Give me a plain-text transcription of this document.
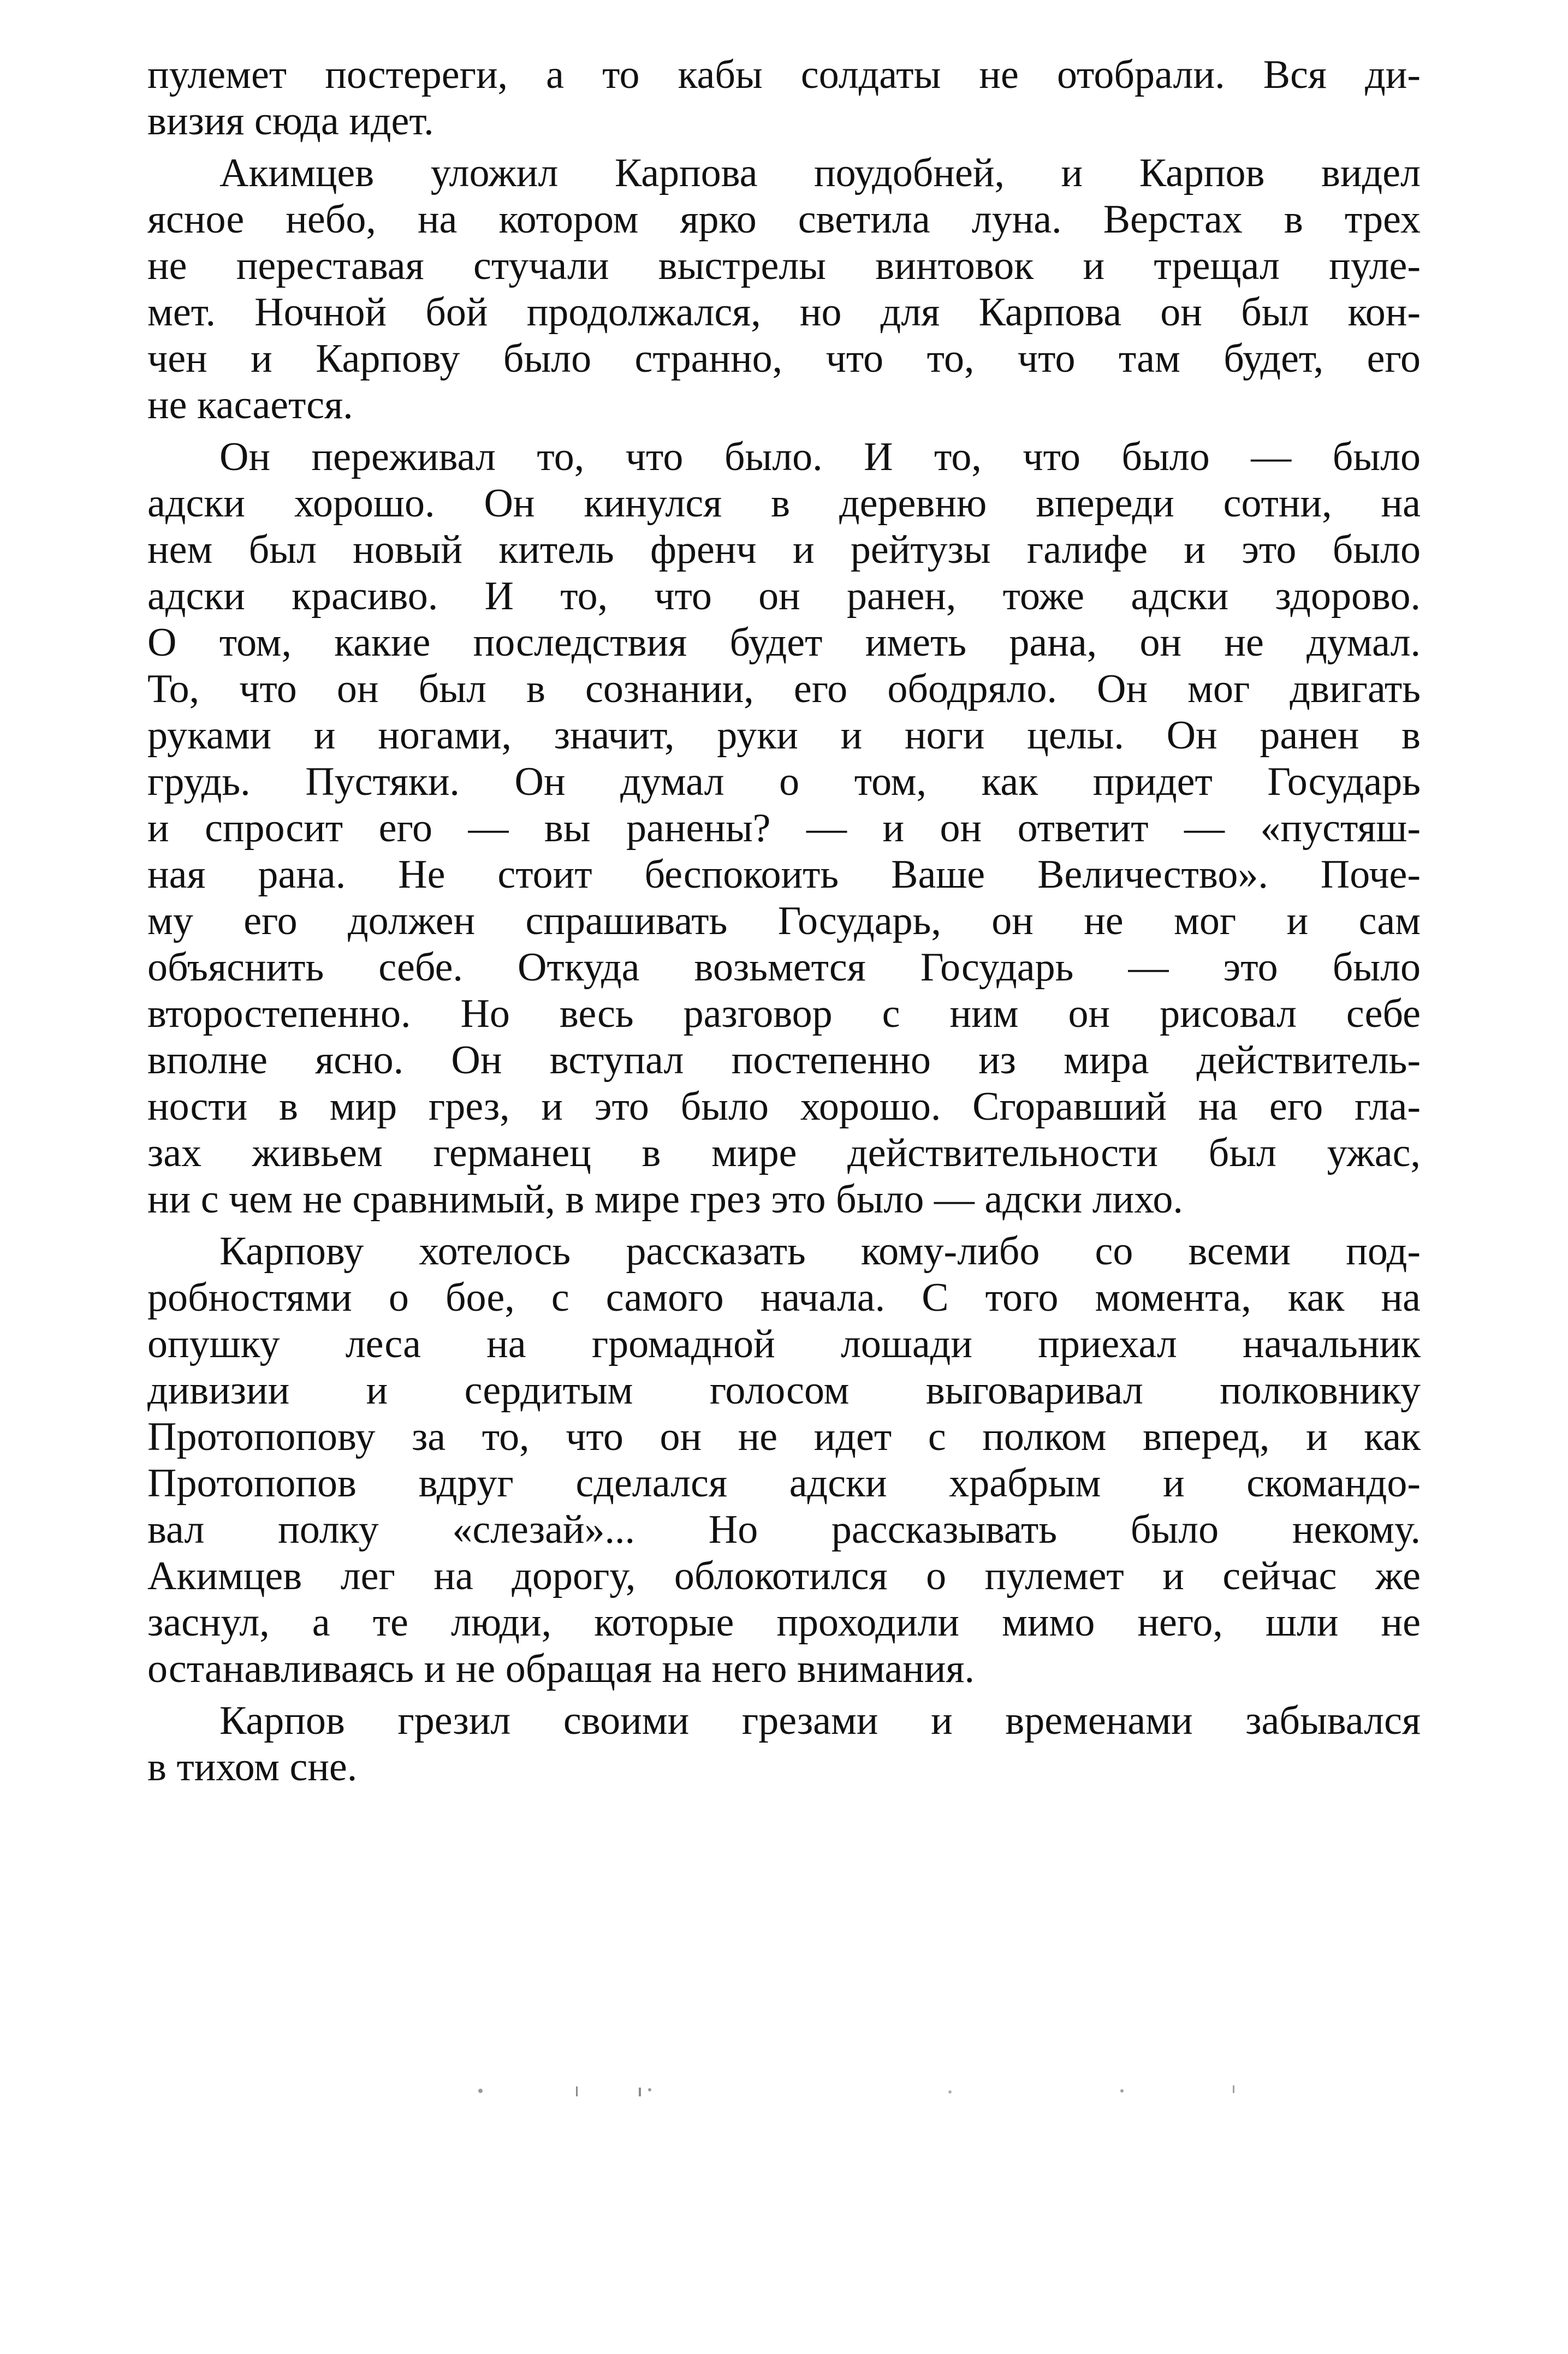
пулемет постереги, а то кабы солдаты не отобрали. Вся ди-
визия сюда идет.

Акимцев уложил Карпова поудобней, и Карпов видел
ясное небо, на котором ярко светила луна. Верстах в трех
не переставая стучали выстрелы винтовок и трещал пуле-
мет. Ночной бой продолжался, но для Карпова он был кон-
чен и Карпову было странно, что то, что там будет, его
не касается.

Он переживал то, что было. И то, что было — было
адски хорошо. Он кинулся в деревню впереди сотни, на
нем был новый китель френч и рейтузы галифе и это было
адски красиво. И то, что он ранен, тоже адски здорово.
О том, какие последствия будет иметь рана, он не думал.
То, что он был в сознании, его ободряло. Он мог двигать
руками и ногами, значит, руки и ноги целы. Он ранен в
грудь. Пустяки. Он думал о том, как придет Государь
и спросит его — вы ранены? — и он ответит — «пустяш-
ная рана. Не стоит беспокоить Ваше Величество». Поче-
му его должен спрашивать Государь, он не мог и сам
объяснить себе. Откуда возьмется Государь — это было
второстепенно. Но весь разговор с ним он рисовал себе
вполне ясно. Он вступал постепенно из мира действитель-
ности в мир грез, и это было хорошо. Сгоравший на его гла-
зах живьем германец в мире действительности был ужас,
ни с чем не сравнимый, в мире грез это было — адски лихо.

Карпову хотелось рассказать кому-либо со всеми под-
робностями о бое, с самого начала. С того момента, как на
опушку леса на громадной лошади приехал начальник
дивизии и сердитым голосом выговаривал полковнику
Протопопову за то, что он не идет с полком вперед, и как
Протопопов вдруг сделался адски храбрым и скомандо-
вал полку «слезай»... Но рассказывать было некому.
Акимцев лег на дорогу, облокотился о пулемет и сейчас же
заснул, а те люди, которые проходили мимо него, шли не
останавливаясь и не обращая на него внимания.

Карпов грезил своими грезами и временами забывался
в тихом сне.
